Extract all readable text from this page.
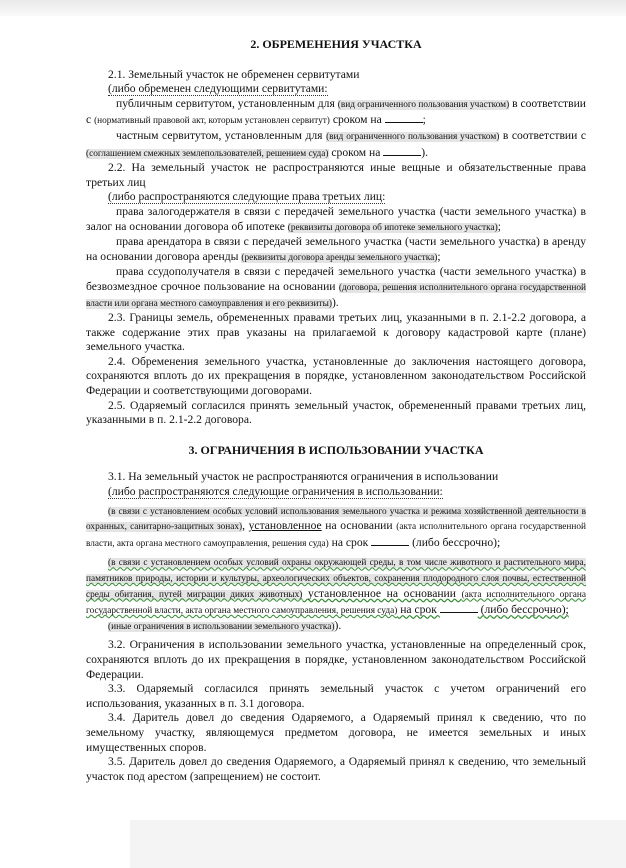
2. ОБРЕМЕНЕНИЯ УЧАСТКА

2.1. Земельный участок не обременен сервитутами

(либо обременен следующими сервитутами:

публичным сервитутом, установленным для (вид ограниченного пользования участком) в соответствии с (нормативный правовой акт, которым установлен сервитут) сроком на	;

частным сервитутом, установленным для (вид ограниченного пользования участком) в соответствии с (соглашением смежных землепользователей, решением суда) сроком на	).

2.2. На земельный участок не распространяются иные вещные и обязательственные права третьих лиц

(либо распространяются следующие права третьих лиц:

права залогодержателя в связи с передачей земельного участка (части земельного участка) в залог на основании договора об ипотеке (реквизиты договора об ипотеке земельного участка);

права арендатора в связи с передачей земельного участка (части земельного участка) в аренду на основании договора аренды (реквизиты договора аренды земельного участка);

права ссудополучателя в связи с передачей земельного участка (части земельного участка) в безвозмездное срочное пользование на основании (договора, решения исполнительного органа государственной власти или органа местного самоуправления и его реквизиты)).

2.3. Границы земель, обремененных правами третьих лиц, указанными в п. 2.1-2.2 договора, а также содержание этих прав указаны на прилагаемой к договору кадастровой карте (плане) земельного участка.

2.4. Обременения земельного участка, установленные до заключения настоящего договора, сохраняются вплоть до их прекращения в порядке, установленном законодательством Российской Федерации и соответствующими договорами.

2.5. Одаряемый согласился принять земельный участок, обремененный правами третьих лиц, указанными в п. 2.1-2.2 договора.

3. ОГРАНИЧЕНИЯ В ИСПОЛЬЗОВАНИИ УЧАСТКА

3.1. На земельный участок не распространяются ограничения в использовании

(либо распространяются следующие ограничения в использовании:

(в связи с установлением особых условий использования земельного участка и режима хозяйственной деятельности в охранных, санитарно-защитных зонах), установленное на основании (акта исполнительного органа государственной власти, акта органа местного самоуправления, решения суда) на срок	(либо бессрочно);

(в связи с установлением особых условий охраны окружающей среды, в том числе животного и растительного мира, памятников природы, истории и культуры, археологических объектов, сохранения плодородного слоя почвы, естественной среды обитания, путей миграции диких животных) установленное на основании (акта исполнительного органа государственной власти, акта органа местного самоуправления, решения суда) на срок	(либо бессрочно);

(иные ограничения в использовании земельного участка)).

3.2. Ограничения в использовании земельного участка, установленные на определенный срок, сохраняются вплоть до их прекращения в порядке, установленном законодательством Российской Федерации.

3.3. Одаряемый согласился принять земельный участок с учетом ограничений его использования, указанных в п. 3.1 договора.

3.4. Даритель довел до сведения Одаряемого, а Одаряемый принял к сведению, что по земельному участку, являющемуся предметом договора, не имеется земельных и иных имущественных споров.

3.5. Даритель довел до сведения Одаряемого, а Одаряемый принял к сведению, что земельный участок под арестом (запрещением) не состоит.
